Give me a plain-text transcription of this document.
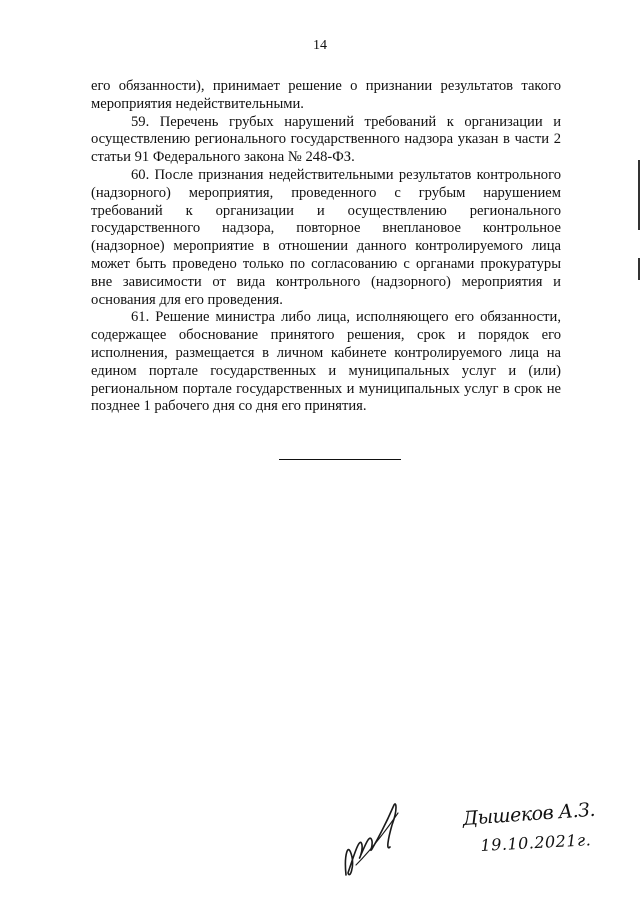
14

его обязанности), принимает решение о признании результатов такого мероприятия недействительными.

59. Перечень грубых нарушений требований к организации и осуществлению регионального государственного надзора указан в части 2 статьи 91 Федерального закона № 248-ФЗ.

60. После признания недействительными результатов контрольного (надзорного) мероприятия, проведенного с грубым нарушением требований к организации и осуществлению регионального государственного надзора, повторное внеплановое контрольное (надзорное) мероприятие в отношении данного контролируемого лица может быть проведено только по согласованию с органами прокуратуры вне зависимости от вида контрольного (надзорного) мероприятия и основания для его проведения.

61. Решение министра либо лица, исполняющего его обязанности, содержащее обоснование принятого решения, срок и порядок его исполнения, размещается в личном кабинете контролируемого лица на едином портале государственных и муниципальных услуг и (или) региональном портале государственных и муниципальных услуг в срок не позднее 1 рабочего дня со дня его принятия.

Дышеков А.З.
19.10.2021г.
